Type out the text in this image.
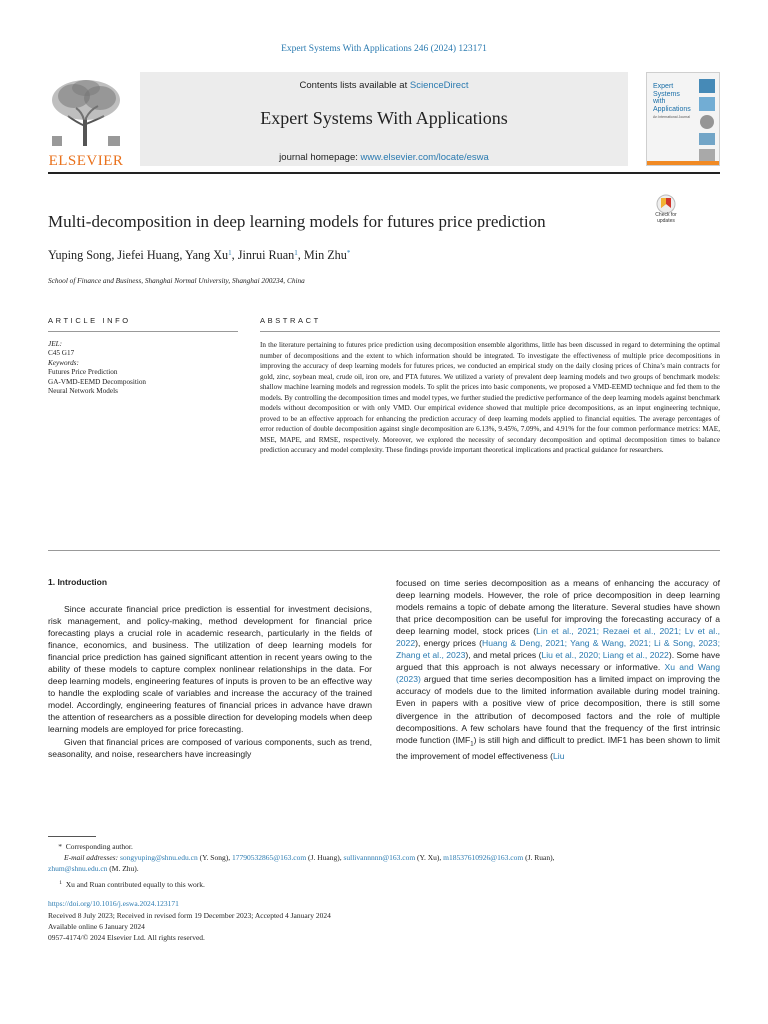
Expert Systems With Applications 246 (2024) 123171
ELSEVIER
Contents lists available at ScienceDirect
Expert Systems With Applications
journal homepage: www.elsevier.com/locate/eswa
Expert
Systems
with
Applications
An International Journal
Multi-decomposition in deep learning models for futures price prediction	Check for updates
Yuping Song, Jiefei Huang, Yang Xu$^1$, Jinrui Ruan$^1$, Min Zhu*
School of Finance and Business, Shanghai Normal University, Shanghai 200234, China
ARTICLE INFO	ABSTRACT
JEL:
C45 G17
Keywords:
Futures Price Prediction
GA-VMD-EEMD Decomposition
Neural Network Models
In the literature pertaining to futures price prediction using decomposition ensemble algorithms, little has been discussed in regard to determining the optimal number of decompositions and the extent to which information should be integrated. To investigate the effectiveness of multiple price decompositions in improving the accuracy of deep learning models for futures prices, we conducted an empirical study on the daily closing prices of China’s main contracts for gold, zinc, soybean meal, crude oil, iron ore, and PTA futures. We utilized a variety of prevalent deep learning models and two groups of benchmark models: shallow machine learning models and regression models. To split the prices into basic components, we proposed a VMD-EEMD technique and fed them to the models. By controlling the decomposition times and model types, we further studied the predictive performance of the deep learning models against benchmark models without decomposition or with only VMD. Our empirical evidence showed that multiple price decompositions, as an input engineering technique, proved to be an effective approach for enhancing the prediction accuracy of deep learning models applied to financial equities. The average percentages of error reduction of double decomposition against single decomposition are 6.13%, 9.45%, 7.09%, and 4.91% for the four common performance metrics: MAE, MSE, MAPE, and RMSE, respectively. Moreover, we explored the necessity of secondary decomposition and optimal decomposition times to balance prediction accuracy and model complexity. These findings provide important theoretical implications and practical guidance for researchers.
1. Introduction

Since accurate financial price prediction is essential for investment decisions, risk management, and policy-making, method development for financial price forecasting plays a crucial role in academic research, particularly in the fields of finance, economics, and business. The utilization of deep learning models for financial price prediction has gained significant attention in recent years owing to the ability of these models to capture complex nonlinear relationships in the data. For deep learning models, engineering features of inputs is proven to be an effective way to handle the exploding scale of variables and increase the accuracy of the trained model. Accordingly, engineering features of financial prices in advance have drawn the attention of researchers as a possible direction for developing models when deep learning models are employed for price forecasting.

Given that financial prices are composed of various components, such as trend, seasonality, and noise, researchers have increasingly

focused on time series decomposition as a means of enhancing the accuracy of deep learning models. However, the role of price decomposition in deep learning models remains a topic of debate among the literature. Several studies have shown that price decomposition can be useful for improving the forecasting accuracy of a deep learning model, stock prices (Lin et al., 2021; Rezaei et al., 2021; Lv et al., 2022), energy prices (Huang & Deng, 2021; Yang & Wang, 2021; Li & Song, 2023; Zhang et al., 2023), and metal prices (Liu et al., 2020; Liang et al., 2022). Some have argued that this approach is not always necessary or informative. Xu and Wang (2023) argued that time series decomposition has a limited impact on improving the accuracy of models due to the limited information available during model training. Even in papers with a positive view of price decomposition, there is still some divergence in the attribution of decomposed factors and the role of multiple decompositions. A few scholars have found that the frequency of the first intrinsic mode function $(IMF_1)$ is still high and difficult to predict. IMF1 has been shown to limit the improvement of model effectiveness (Liu

* Corresponding author.
E-mail addresses: songyuping@shnu.edu.cn (Y. Song), 17790532865@163.com (J. Huang), sullivannnnn@163.com (Y. Xu), m18537610926@163.com (J. Ruan),
zhum@shnu.edu.cn (M. Zhu).
$^1$ Xu and Ruan contributed equally to this work.
https://doi.org/10.1016/j.eswa.2024.123171
Received 8 July 2023; Received in revised form 19 December 2023; Accepted 4 January 2024
Available online 6 January 2024
0957-4174/© 2024 Elsevier Ltd. All rights reserved.
